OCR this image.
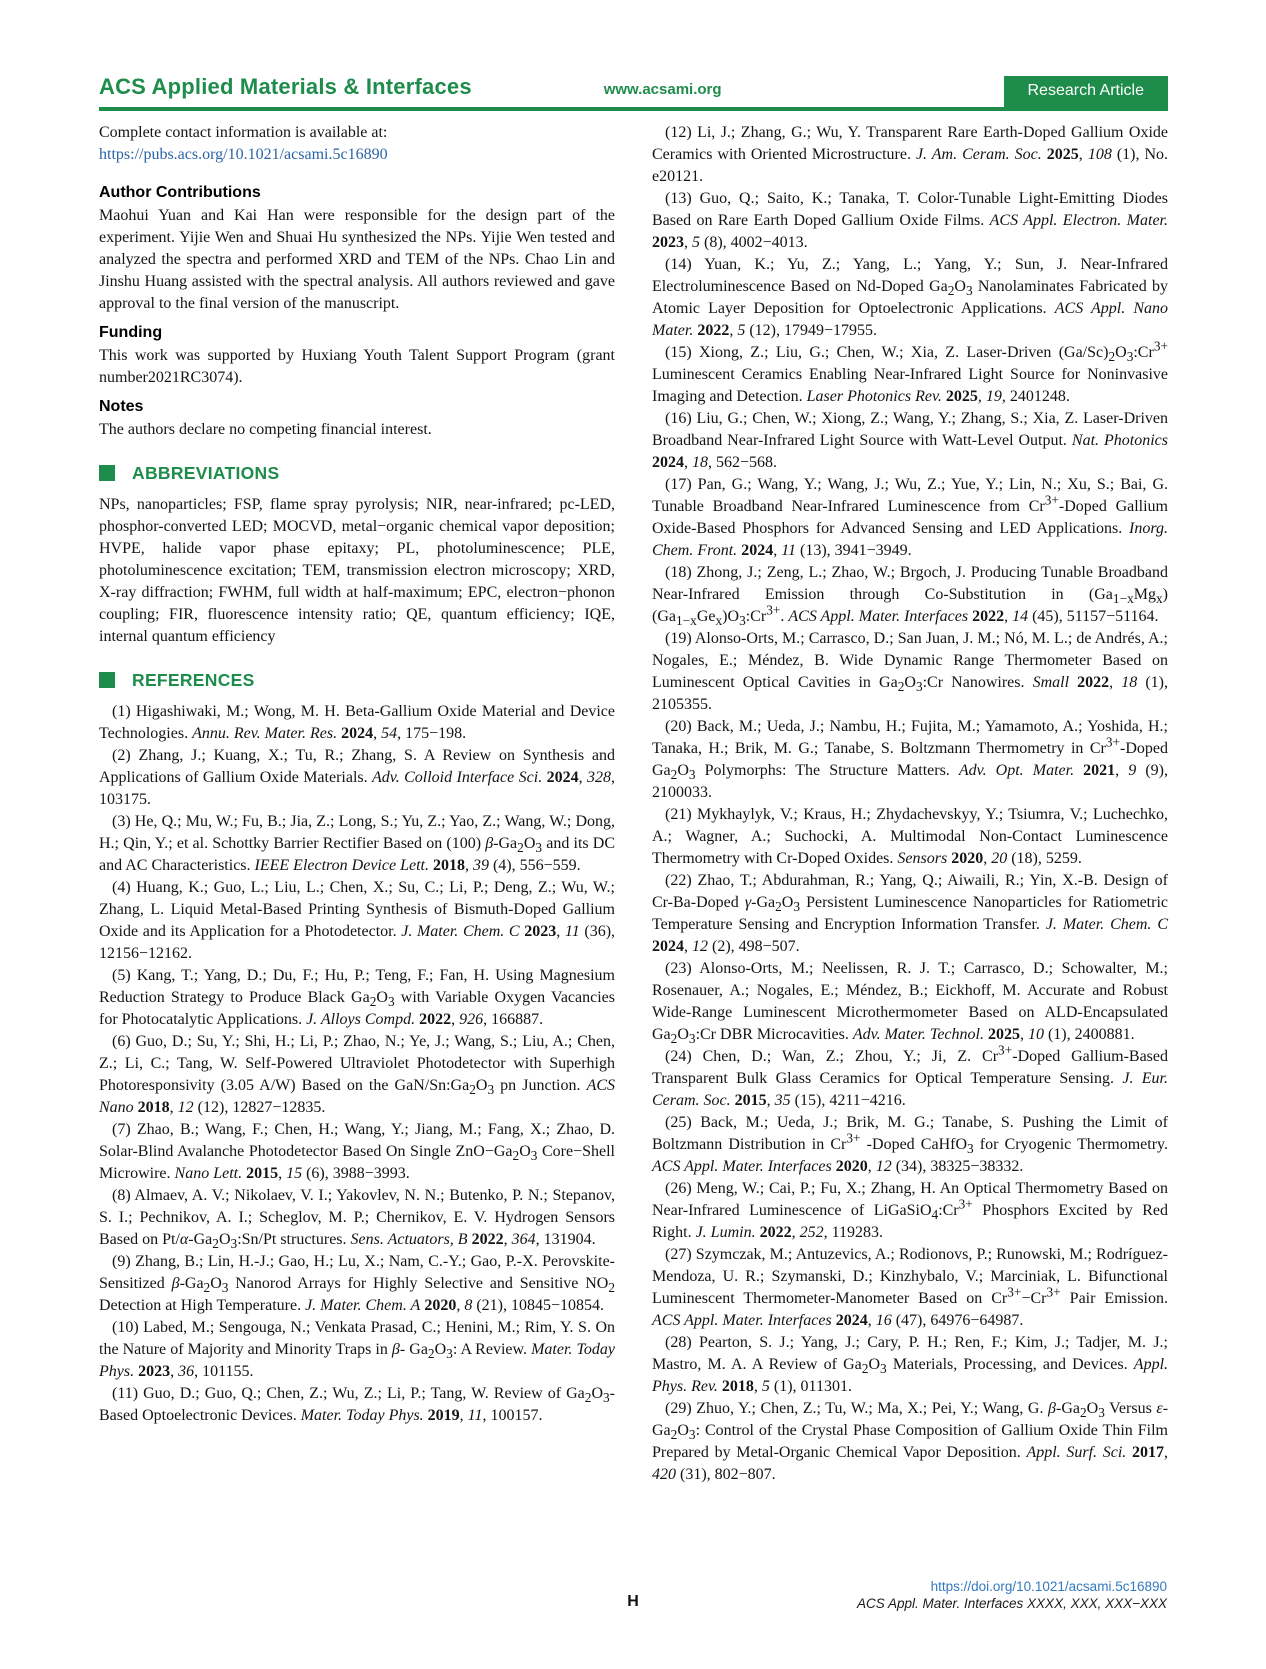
ACS Applied Materials & Interfaces	www.acsami.org	Research Article

Complete contact information is available at:
https://pubs.acs.org/10.1021/acsami.5c16890

Author Contributions

Maohui Yuan and Kai Han were responsible for the design part of the experiment. Yijie Wen and Shuai Hu synthesized the NPs. Yijie Wen tested and analyzed the spectra and performed XRD and TEM of the NPs. Chao Lin and Jinshu Huang assisted with the spectral analysis. All authors reviewed and gave approval to the final version of the manuscript.

Funding

This work was supported by Huxiang Youth Talent Support Program (grant number2021RC3074).

Notes

The authors declare no competing financial interest.

ABBREVIATIONS

NPs, nanoparticles; FSP, flame spray pyrolysis; NIR, near-infrared; pc-LED, phosphor-converted LED; MOCVD, metal−organic chemical vapor deposition; HVPE, halide vapor phase epitaxy; PL, photoluminescence; PLE, photoluminescence excitation; TEM, transmission electron microscopy; XRD, X-ray diffraction; FWHM, full width at half-maximum; EPC, electron−phonon coupling; FIR, fluorescence intensity ratio; QE, quantum efficiency; IQE, internal quantum efficiency

REFERENCES

(1) Higashiwaki, M.; Wong, M. H. Beta-Gallium Oxide Material and Device Technologies. Annu. Rev. Mater. Res. 2024, 54, 175−198.

(2) Zhang, J.; Kuang, X.; Tu, R.; Zhang, S. A Review on Synthesis and Applications of Gallium Oxide Materials. Adv. Colloid Interface Sci. 2024, 328, 103175.

(3) He, Q.; Mu, W.; Fu, B.; Jia, Z.; Long, S.; Yu, Z.; Yao, Z.; Wang, W.; Dong, H.; Qin, Y.; et al. Schottky Barrier Rectifier Based on (100) $\beta-Ga_2O_3$ and its DC and AC Characteristics. IEEE Electron Device Lett. 2018, 39 (4), 556−559.

(4) Huang, K.; Guo, L.; Liu, L.; Chen, X.; Su, C.; Li, P.; Deng, Z.; Wu, W.; Zhang, L. Liquid Metal-Based Printing Synthesis of Bismuth-Doped Gallium Oxide and its Application for a Photodetector. J. Mater. Chem. C 2023, 11 (36), 12156−12162.

(5) Kang, T.; Yang, D.; Du, F.; Hu, P.; Teng, F.; Fan, H. Using Magnesium Reduction Strategy to Produce Black $Ga_2O_3$ with Variable Oxygen Vacancies for Photocatalytic Applications. J. Alloys Compd. 2022, 926, 166887.

(6) Guo, D.; Su, Y.; Shi, H.; Li, P.; Zhao, N.; Ye, J.; Wang, S.; Liu, A.; Chen, Z.; Li, C.; Tang, W. Self-Powered Ultraviolet Photodetector with Superhigh Photoresponsivity (3.05 A/W) Based on the GaN/$Sn:Ga_2O_3$ pn Junction. ACS Nano 2018, 12 (12), 12827−12835.

(7) Zhao, B.; Wang, F.; Chen, H.; Wang, Y.; Jiang, M.; Fang, X.; Zhao, D. Solar-Blind Avalanche Photodetector Based On Single $ZnO-Ga_2O_3$ Core−Shell Microwire. Nano Lett. 2015, 15 (6), 3988−3993.

(8) Almaev, A. V.; Nikolaev, V. I.; Yakovlev, N. N.; Butenko, P. N.; Stepanov, S. I.; Pechnikov, A. I.; Scheglov, M. P.; Chernikov, E. V. Hydrogen Sensors Based on $Pt/\alpha-Ga_2O_3:Sn/Pt$ structures. Sens. Actuators, B 2022, 364, 131904.

(9) Zhang, B.; Lin, H.-J.; Gao, H.; Lu, X.; Nam, C.-Y.; Gao, P.-X. Perovskite-Sensitized $\beta-Ga_2O_3$ Nanorod Arrays for Highly Selective and Sensitive $NO_2$ Detection at High Temperature. J. Mater. Chem. A 2020, 8 (21), 10845−10854.

(10) Labed, M.; Sengouga, N.; Venkata Prasad, C.; Henini, M.; Rim, Y. S. On the Nature of Majority and Minority Traps in β- $Ga_2O_3$: A Review. Mater. Today Phys. 2023, 36, 101155.

(11) Guo, D.; Guo, Q.; Chen, Z.; Wu, Z.; Li, P.; Tang, W. Review of $Ga_2O_3$-Based Optoelectronic Devices. Mater. Today Phys. 2019, 11, 100157.

(12) Li, J.; Zhang, G.; Wu, Y. Transparent Rare Earth-Doped Gallium Oxide Ceramics with Oriented Microstructure. J. Am. Ceram. Soc. 2025, 108 (1), No. e20121.

(13) Guo, Q.; Saito, K.; Tanaka, T. Color-Tunable Light-Emitting Diodes Based on Rare Earth Doped Gallium Oxide Films. ACS Appl. Electron. Mater. 2023, 5 (8), 4002−4013.

(14) Yuan, K.; Yu, Z.; Yang, L.; Yang, Y.; Sun, J. Near-Infrared Electroluminescence Based on Nd-Doped $Ga_2O_3$ Nanolaminates Fabricated by Atomic Layer Deposition for Optoelectronic Applications. ACS Appl. Nano Mater. 2022, 5 (12), 17949−17955.

(15) Xiong, Z.; Liu, G.; Chen, W.; Xia, Z. Laser-Driven $(Ga/Sc)_2O_3:Cr^{3+}$ Luminescent Ceramics Enabling Near-Infrared Light Source for Noninvasive Imaging and Detection. Laser Photonics Rev. 2025, 19, 2401248.

(16) Liu, G.; Chen, W.; Xiong, Z.; Wang, Y.; Zhang, S.; Xia, Z. Laser-Driven Broadband Near-Infrared Light Source with Watt-Level Output. Nat. Photonics 2024, 18, 562−568.

(17) Pan, G.; Wang, Y.; Wang, J.; Wu, Z.; Yue, Y.; Lin, N.; Xu, S.; Bai, G. Tunable Broadband Near-Infrared Luminescence from $Cr^{3+}$-Doped Gallium Oxide-Based Phosphors for Advanced Sensing and LED Applications. Inorg. Chem. Front. 2024, 11 (13), 3941−3949.

(18) Zhong, J.; Zeng, L.; Zhao, W.; Brgoch, J. Producing Tunable Broadband Near-Infrared Emission through Co-Substitution in $(Ga_{1-x}Mg_x)(Ga_{1-x}Ge_x)O_3:Cr^{3+}$. ACS Appl. Mater. Interfaces 2022, 14 (45), 51157−51164.

(19) Alonso-Orts, M.; Carrasco, D.; San Juan, J. M.; Nó, M. L.; de Andrés, A.; Nogales, E.; Méndez, B. Wide Dynamic Range Thermometer Based on Luminescent Optical Cavities in $Ga_2O_3:Cr$ Nanowires. Small 2022, 18 (1), 2105355.

(20) Back, M.; Ueda, J.; Nambu, H.; Fujita, M.; Yamamoto, A.; Yoshida, H.; Tanaka, H.; Brik, M. G.; Tanabe, S. Boltzmann Thermometry in $Cr^{3+}$-Doped $Ga_2O_3$ Polymorphs: The Structure Matters. Adv. Opt. Mater. 2021, 9 (9), 2100033.

(21) Mykhaylyk, V.; Kraus, H.; Zhydachevskyy, Y.; Tsiumra, V.; Luchechko, A.; Wagner, A.; Suchocki, A. Multimodal Non-Contact Luminescence Thermometry with Cr-Doped Oxides. Sensors 2020, 20 (18), 5259.

(22) Zhao, T.; Abdurahman, R.; Yang, Q.; Aiwaili, R.; Yin, X.-B. Design of Cr-Ba-Doped $\gamma-Ga_2O_3$ Persistent Luminescence Nanoparticles for Ratiometric Temperature Sensing and Encryption Information Transfer. J. Mater. Chem. C 2024, 12 (2), 498−507.

(23) Alonso-Orts, M.; Neelissen, R. J. T.; Carrasco, D.; Schowalter, M.; Rosenauer, A.; Nogales, E.; Méndez, B.; Eickhoff, M. Accurate and Robust Wide-Range Luminescent Microthermometer Based on ALD-Encapsulated $Ga_2O_3:Cr$ DBR Microcavities. Adv. Mater. Technol. 2025, 10 (1), 2400881.

(24) Chen, D.; Wan, Z.; Zhou, Y.; Ji, Z. $Cr^{3+}$-Doped Gallium-Based Transparent Bulk Glass Ceramics for Optical Temperature Sensing. J. Eur. Ceram. Soc. 2015, 35 (15), 4211−4216.

(25) Back, M.; Ueda, J.; Brik, M. G.; Tanabe, S. Pushing the Limit of Boltzmann Distribution in $Cr^{3+}$ -Doped CaHfO$_3$ for Cryogenic Thermometry. ACS Appl. Mater. Interfaces 2020, 12 (34), 38325−38332.

(26) Meng, W.; Cai, P.; Fu, X.; Zhang, H. An Optical Thermometry Based on Near-Infrared Luminescence of $LiGaSiO_4:Cr^{3+}$ Phosphors Excited by Red Right. J. Lumin. 2022, 252, 119283.

(27) Szymczak, M.; Antuzevics, A.; Rodionovs, P.; Runowski, M.; Rodríguez-Mendoza, U. R.; Szymanski, D.; Kinzhybalo, V.; Marciniak, L. Bifunctional Luminescent Thermometer-Manometer Based on $Cr^{3+}-Cr^{3+}$ Pair Emission. ACS Appl. Mater. Interfaces 2024, 16 (47), 64976−64987.

(28) Pearton, S. J.; Yang, J.; Cary, P. H.; Ren, F.; Kim, J.; Tadjer, M. J.; Mastro, M. A. A Review of $Ga_2O_3$ Materials, Processing, and Devices. Appl. Phys. Rev. 2018, 5 (1), 011301.

(29) Zhuo, Y.; Chen, Z.; Tu, W.; Ma, X.; Pei, Y.; Wang, G. $\beta-Ga_2O_3$ Versus $\varepsilon-Ga_2O_3$: Control of the Crystal Phase Composition of Gallium Oxide Thin Film Prepared by Metal-Organic Chemical Vapor Deposition. Appl. Surf. Sci. 2017, 420 (31), 802−807.

H
https://doi.org/10.1021/acsami.5c16890
ACS Appl. Mater. Interfaces XXXX, XXX, XXX−XXX
